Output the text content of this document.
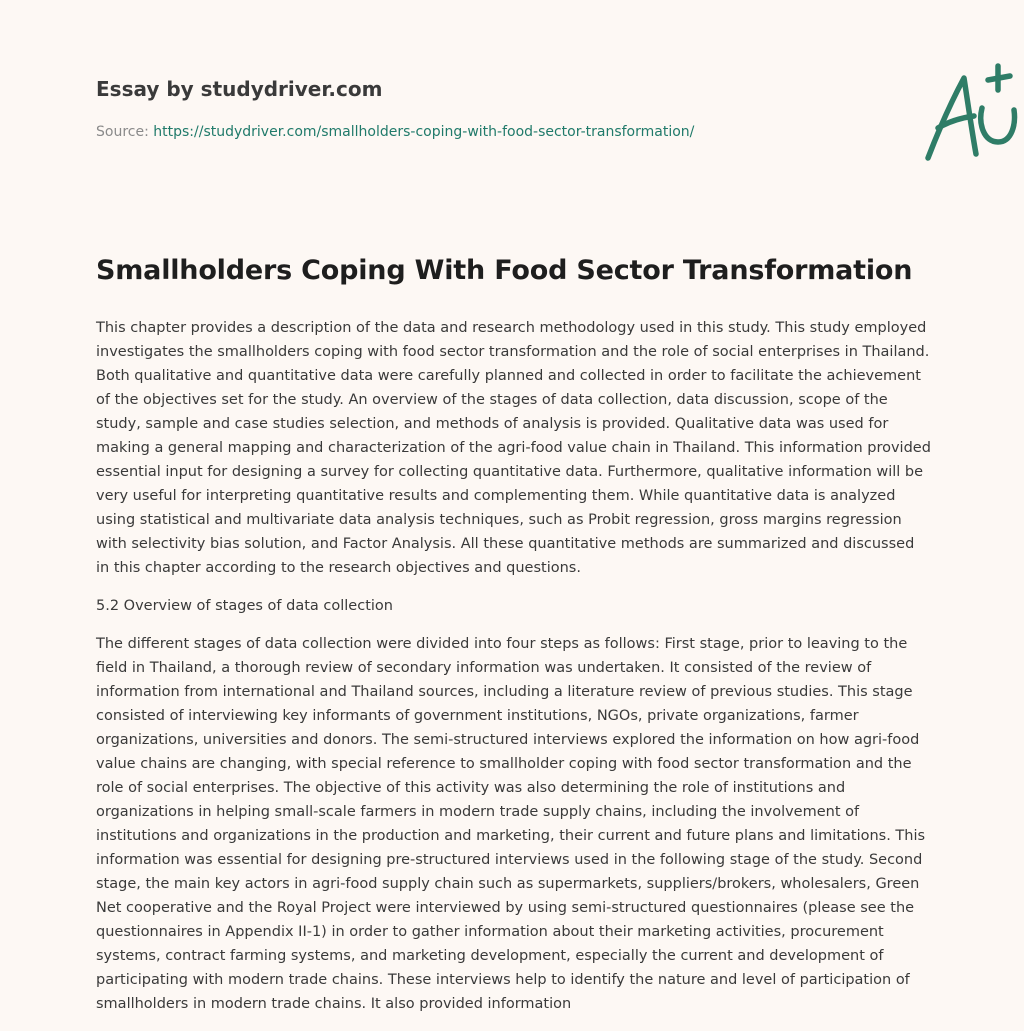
Essay by studydriver.com
Source: https://studydriver.com/smallholders-coping-with-food-sector-transformation/
Smallholders Coping With Food Sector Transformation

This chapter provides a description of the data and research methodology used in this study. This study employed investigates the smallholders coping with food sector transformation and the role of social enterprises in Thailand. Both qualitative and quantitative data were carefully planned and collected in order to facilitate the achievement of the objectives set for the study. An overview of the stages of data collection, data discussion, scope of the study, sample and case studies selection, and methods of analysis is provided. Qualitative data was used for making a general mapping and characterization of the agri-food value chain in Thailand. This information provided essential input for designing a survey for collecting quantitative data. Furthermore, qualitative information will be very useful for interpreting quantitative results and complementing them. While quantitative data is analyzed using statistical and multivariate data analysis techniques, such as Probit regression, gross margins regression with selectivity bias solution, and Factor Analysis. All these quantitative methods are summarized and discussed in this chapter according to the research objectives and questions.

5.2 Overview of stages of data collection

The different stages of data collection were divided into four steps as follows: First stage, prior to leaving to the field in Thailand, a thorough review of secondary information was undertaken. It consisted of the review of information from international and Thailand sources, including a literature review of previous studies. This stage consisted of interviewing key informants of government institutions, NGOs, private organizations, farmer organizations, universities and donors. The semi-structured interviews explored the information on how agri-food value chains are changing, with special reference to smallholder coping with food sector transformation and the role of social enterprises. The objective of this activity was also determining the role of institutions and organizations in helping small-scale farmers in modern trade supply chains, including the involvement of institutions and organizations in the production and marketing, their current and future plans and limitations. This information was essential for designing pre-structured interviews used in the following stage of the study. Second stage, the main key actors in agri-food supply chain such as supermarkets, suppliers/brokers, wholesalers, Green Net cooperative and the Royal Project were interviewed by using semi-structured questionnaires (please see the questionnaires in Appendix II-1) in order to gather information about their marketing activities, procurement systems, contract farming systems, and marketing development, especially the current and development of participating with modern trade chains. These interviews help to identify the nature and level of participation of smallholders in modern trade chains. It also provided information
